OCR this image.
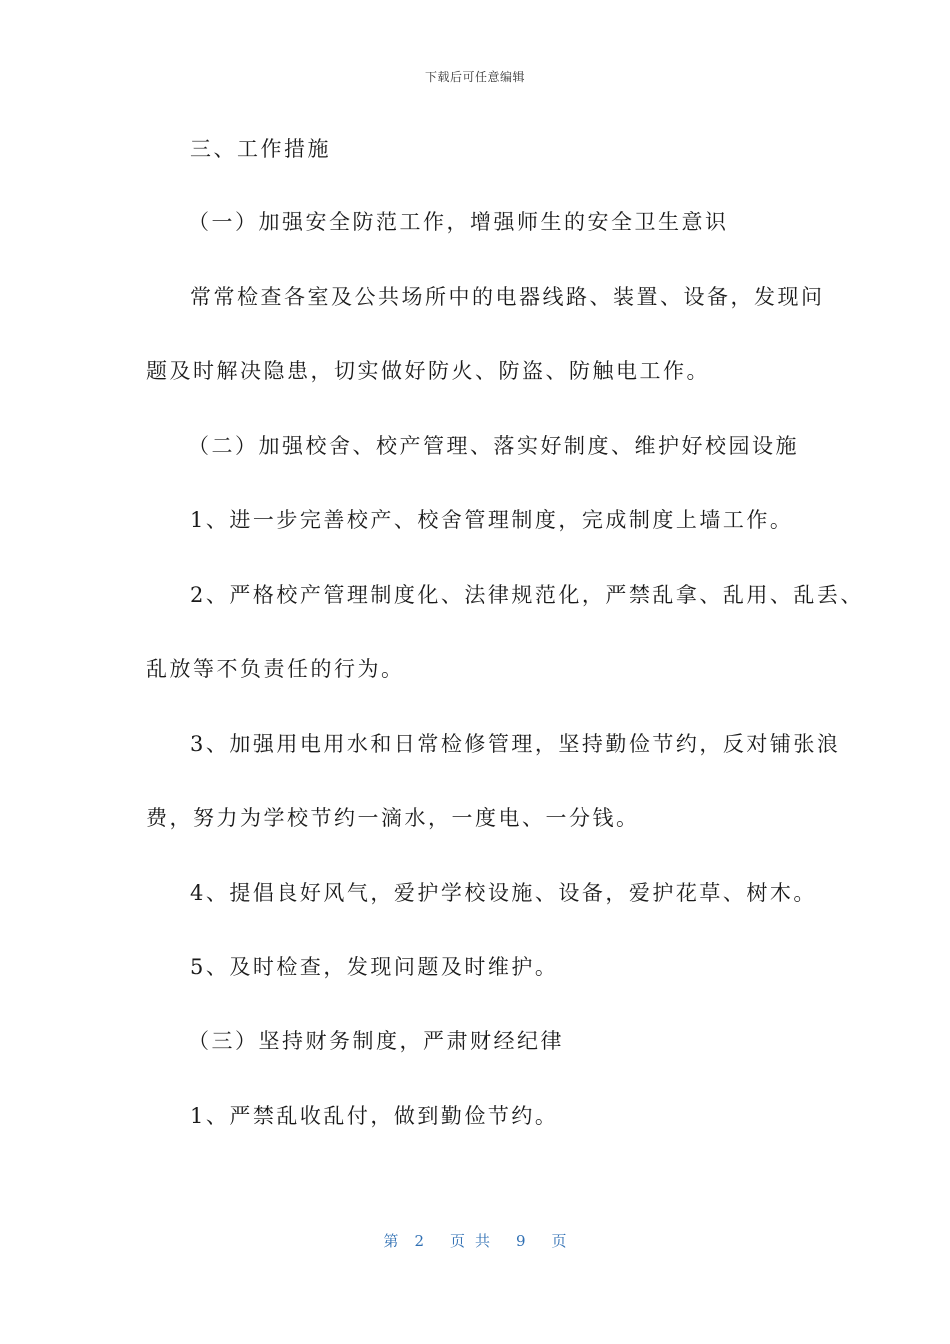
下载后可任意编辑
三、工作措施
（一）加强安全防范工作，增强师生的安全卫生意识
常常检查各室及公共场所中的电器线路、装置、设备，发现问
题及时解决隐患，切实做好防火、防盗、防触电工作。
（二）加强校舍、校产管理、落实好制度、维护好校园设施
1、进一步完善校产、校舍管理制度，完成制度上墙工作。
2、严格校产管理制度化、法律规范化，严禁乱拿、乱用、乱丢、
乱放等不负责任的行为。
3、加强用电用水和日常检修管理，坚持勤俭节约，反对铺张浪
费，努力为学校节约一滴水，一度电、一分钱。
4、提倡良好风气，爱护学校设施、设备，爱护花草、树木。
5、及时检查，发现问题及时维护。
（三）坚持财务制度，严肃财经纪律
1、严禁乱收乱付，做到勤俭节约。
第 2 页共 9 页
